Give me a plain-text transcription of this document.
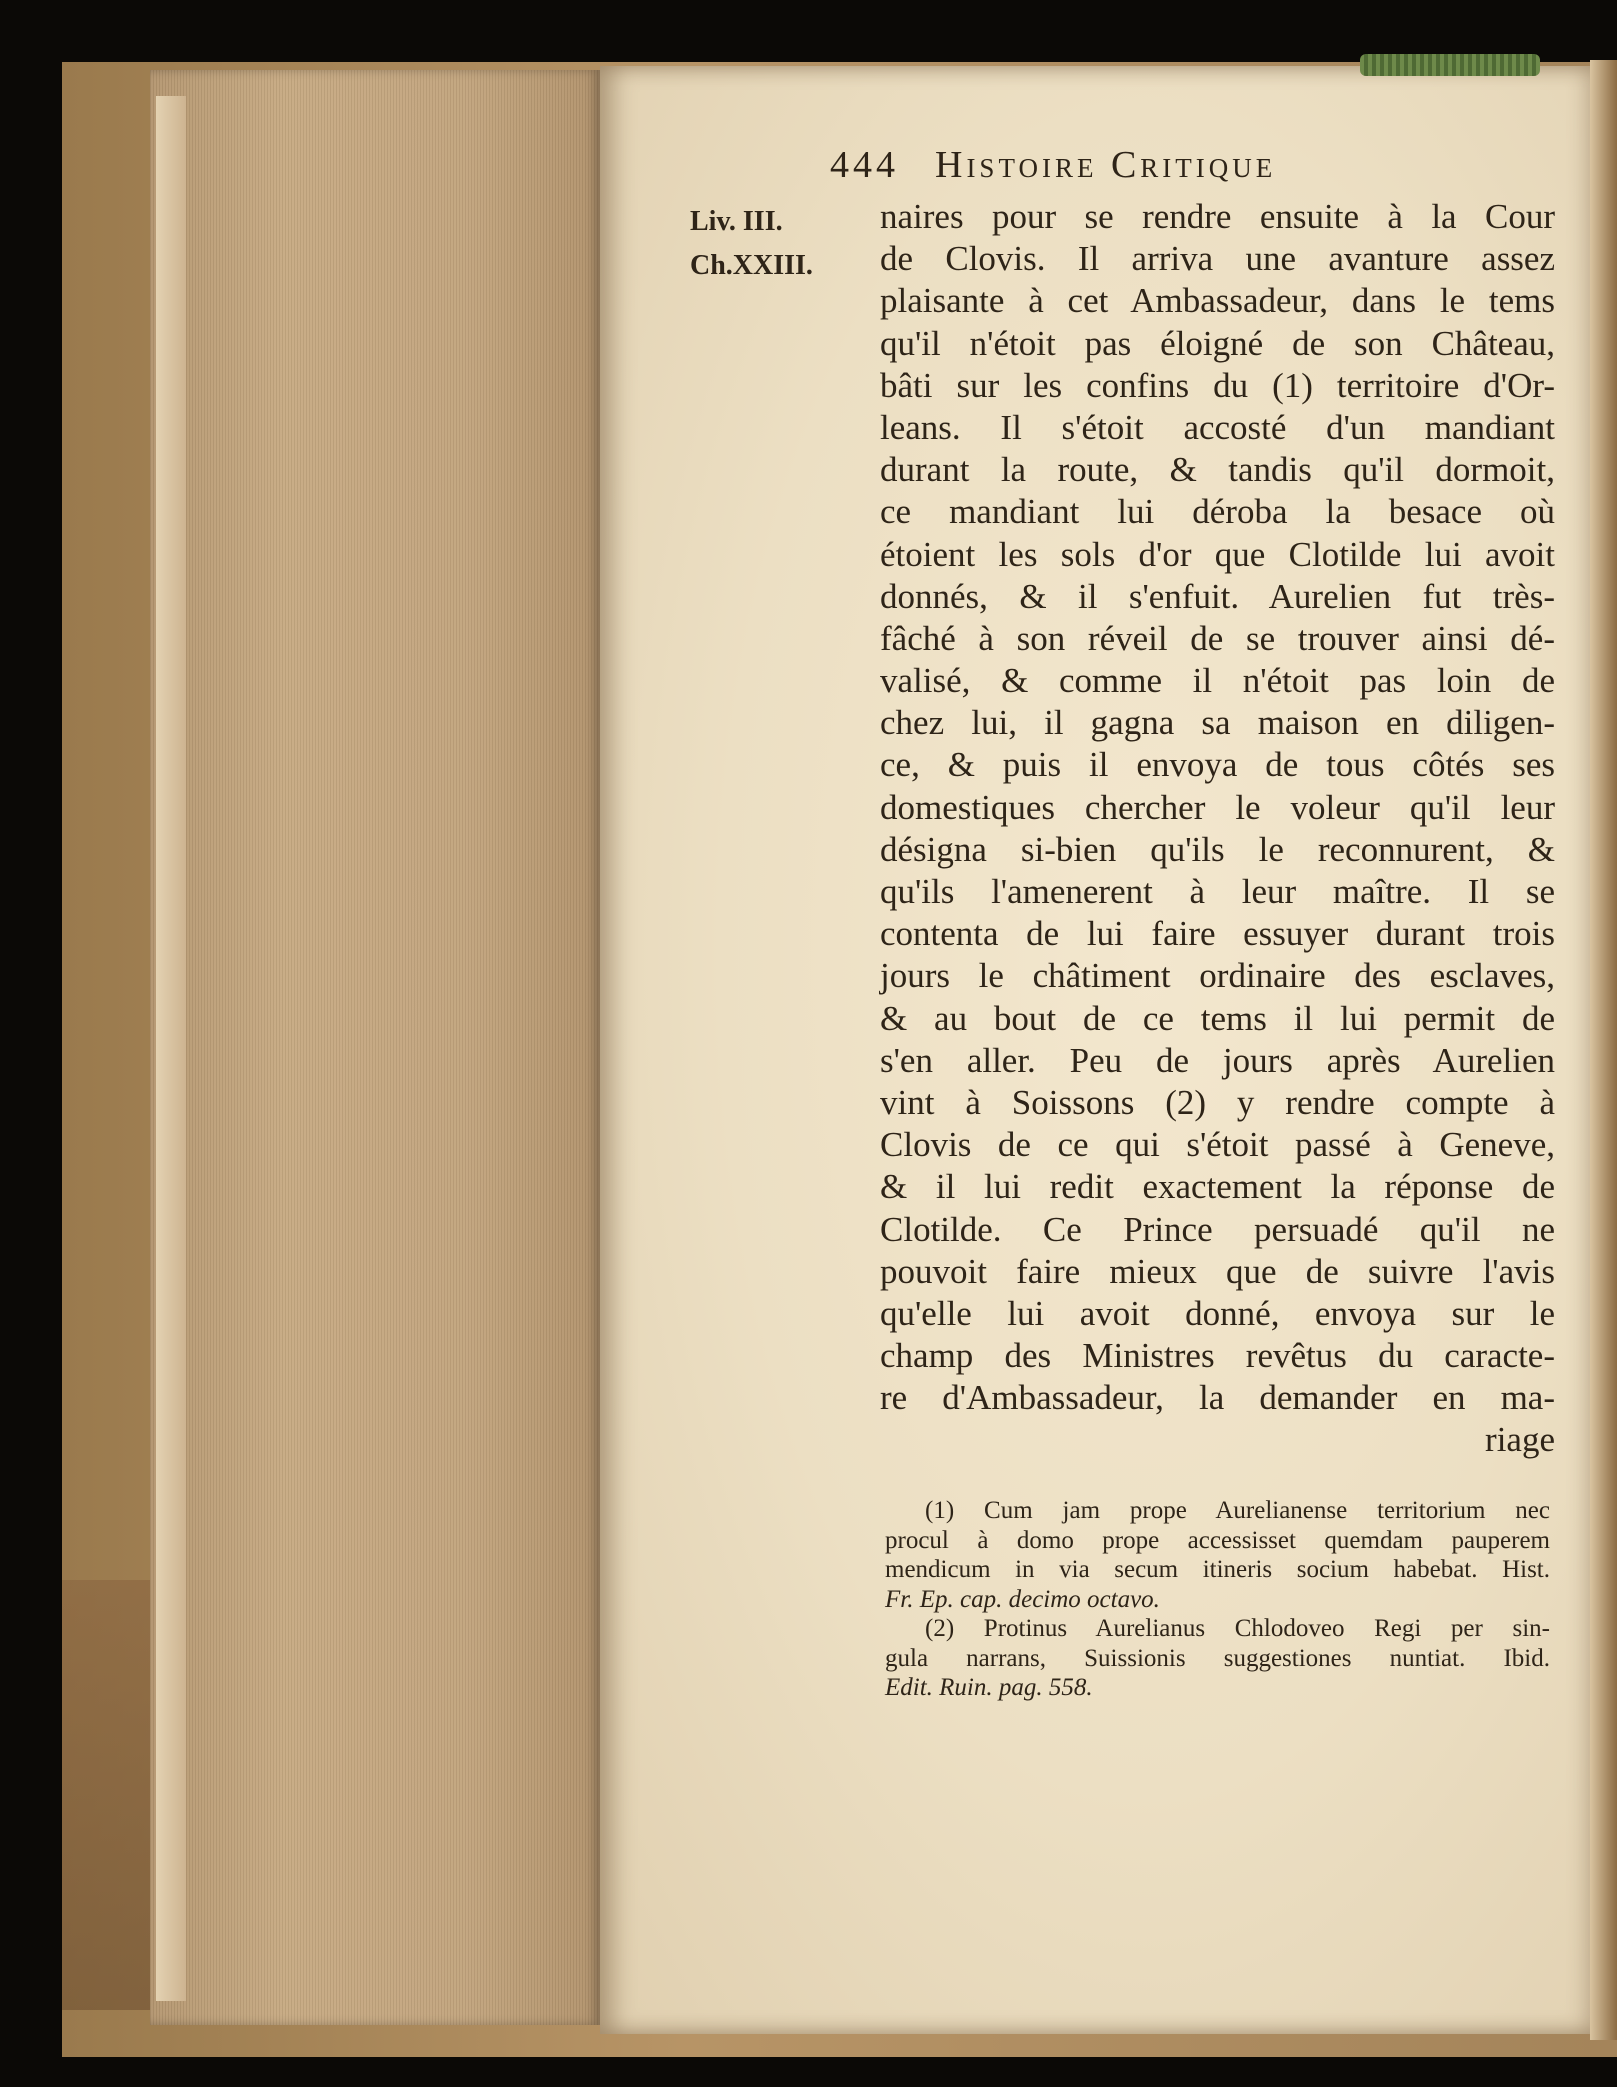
444 Histoire Critique
Liv. III.
Ch.XXIII.
naires pour se rendre ensuite à la Cour
de Clovis. Il arriva une avanture assez
plaisante à cet Ambassadeur, dans le tems
qu'il n'étoit pas éloigné de son Château,
bâti sur les confins du (1) territoire d'Or-
leans. Il s'étoit accosté d'un mandiant
durant la route, & tandis qu'il dormoit,
ce mandiant lui déroba la besace où
étoient les sols d'or que Clotilde lui avoit
donnés, & il s'enfuit. Aurelien fut très-
fâché à son réveil de se trouver ainsi dé-
valisé, & comme il n'étoit pas loin de
chez lui, il gagna sa maison en diligen-
ce, & puis il envoya de tous côtés ses
domestiques chercher le voleur qu'il leur
désigna si-bien qu'ils le reconnurent, &
qu'ils l'amenerent à leur maître. Il se
contenta de lui faire essuyer durant trois
jours le châtiment ordinaire des esclaves,
& au bout de ce tems il lui permit de
s'en aller. Peu de jours après Aurelien
vint à Soissons (2) y rendre compte à
Clovis de ce qui s'étoit passé à Geneve,
& il lui redit exactement la réponse de
Clotilde. Ce Prince persuadé qu'il ne
pouvoit faire mieux que de suivre l'avis
qu'elle lui avoit donné, envoya sur le
champ des Ministres revêtus du caracte-
re d'Ambassadeur, la demander en ma-
riage
(1) Cum jam prope Aurelianense territorium nec
procul à domo prope accessisset quemdam pauperem
mendicum in via secum itineris socium habebat. Hist.
Fr. Ep. cap. decimo octavo.
(2) Protinus Aurelianus Chlodoveo Regi per sin-
gula narrans, Suissionis suggestiones nuntiat. Ibid.
Edit. Ruin. pag. 558.
